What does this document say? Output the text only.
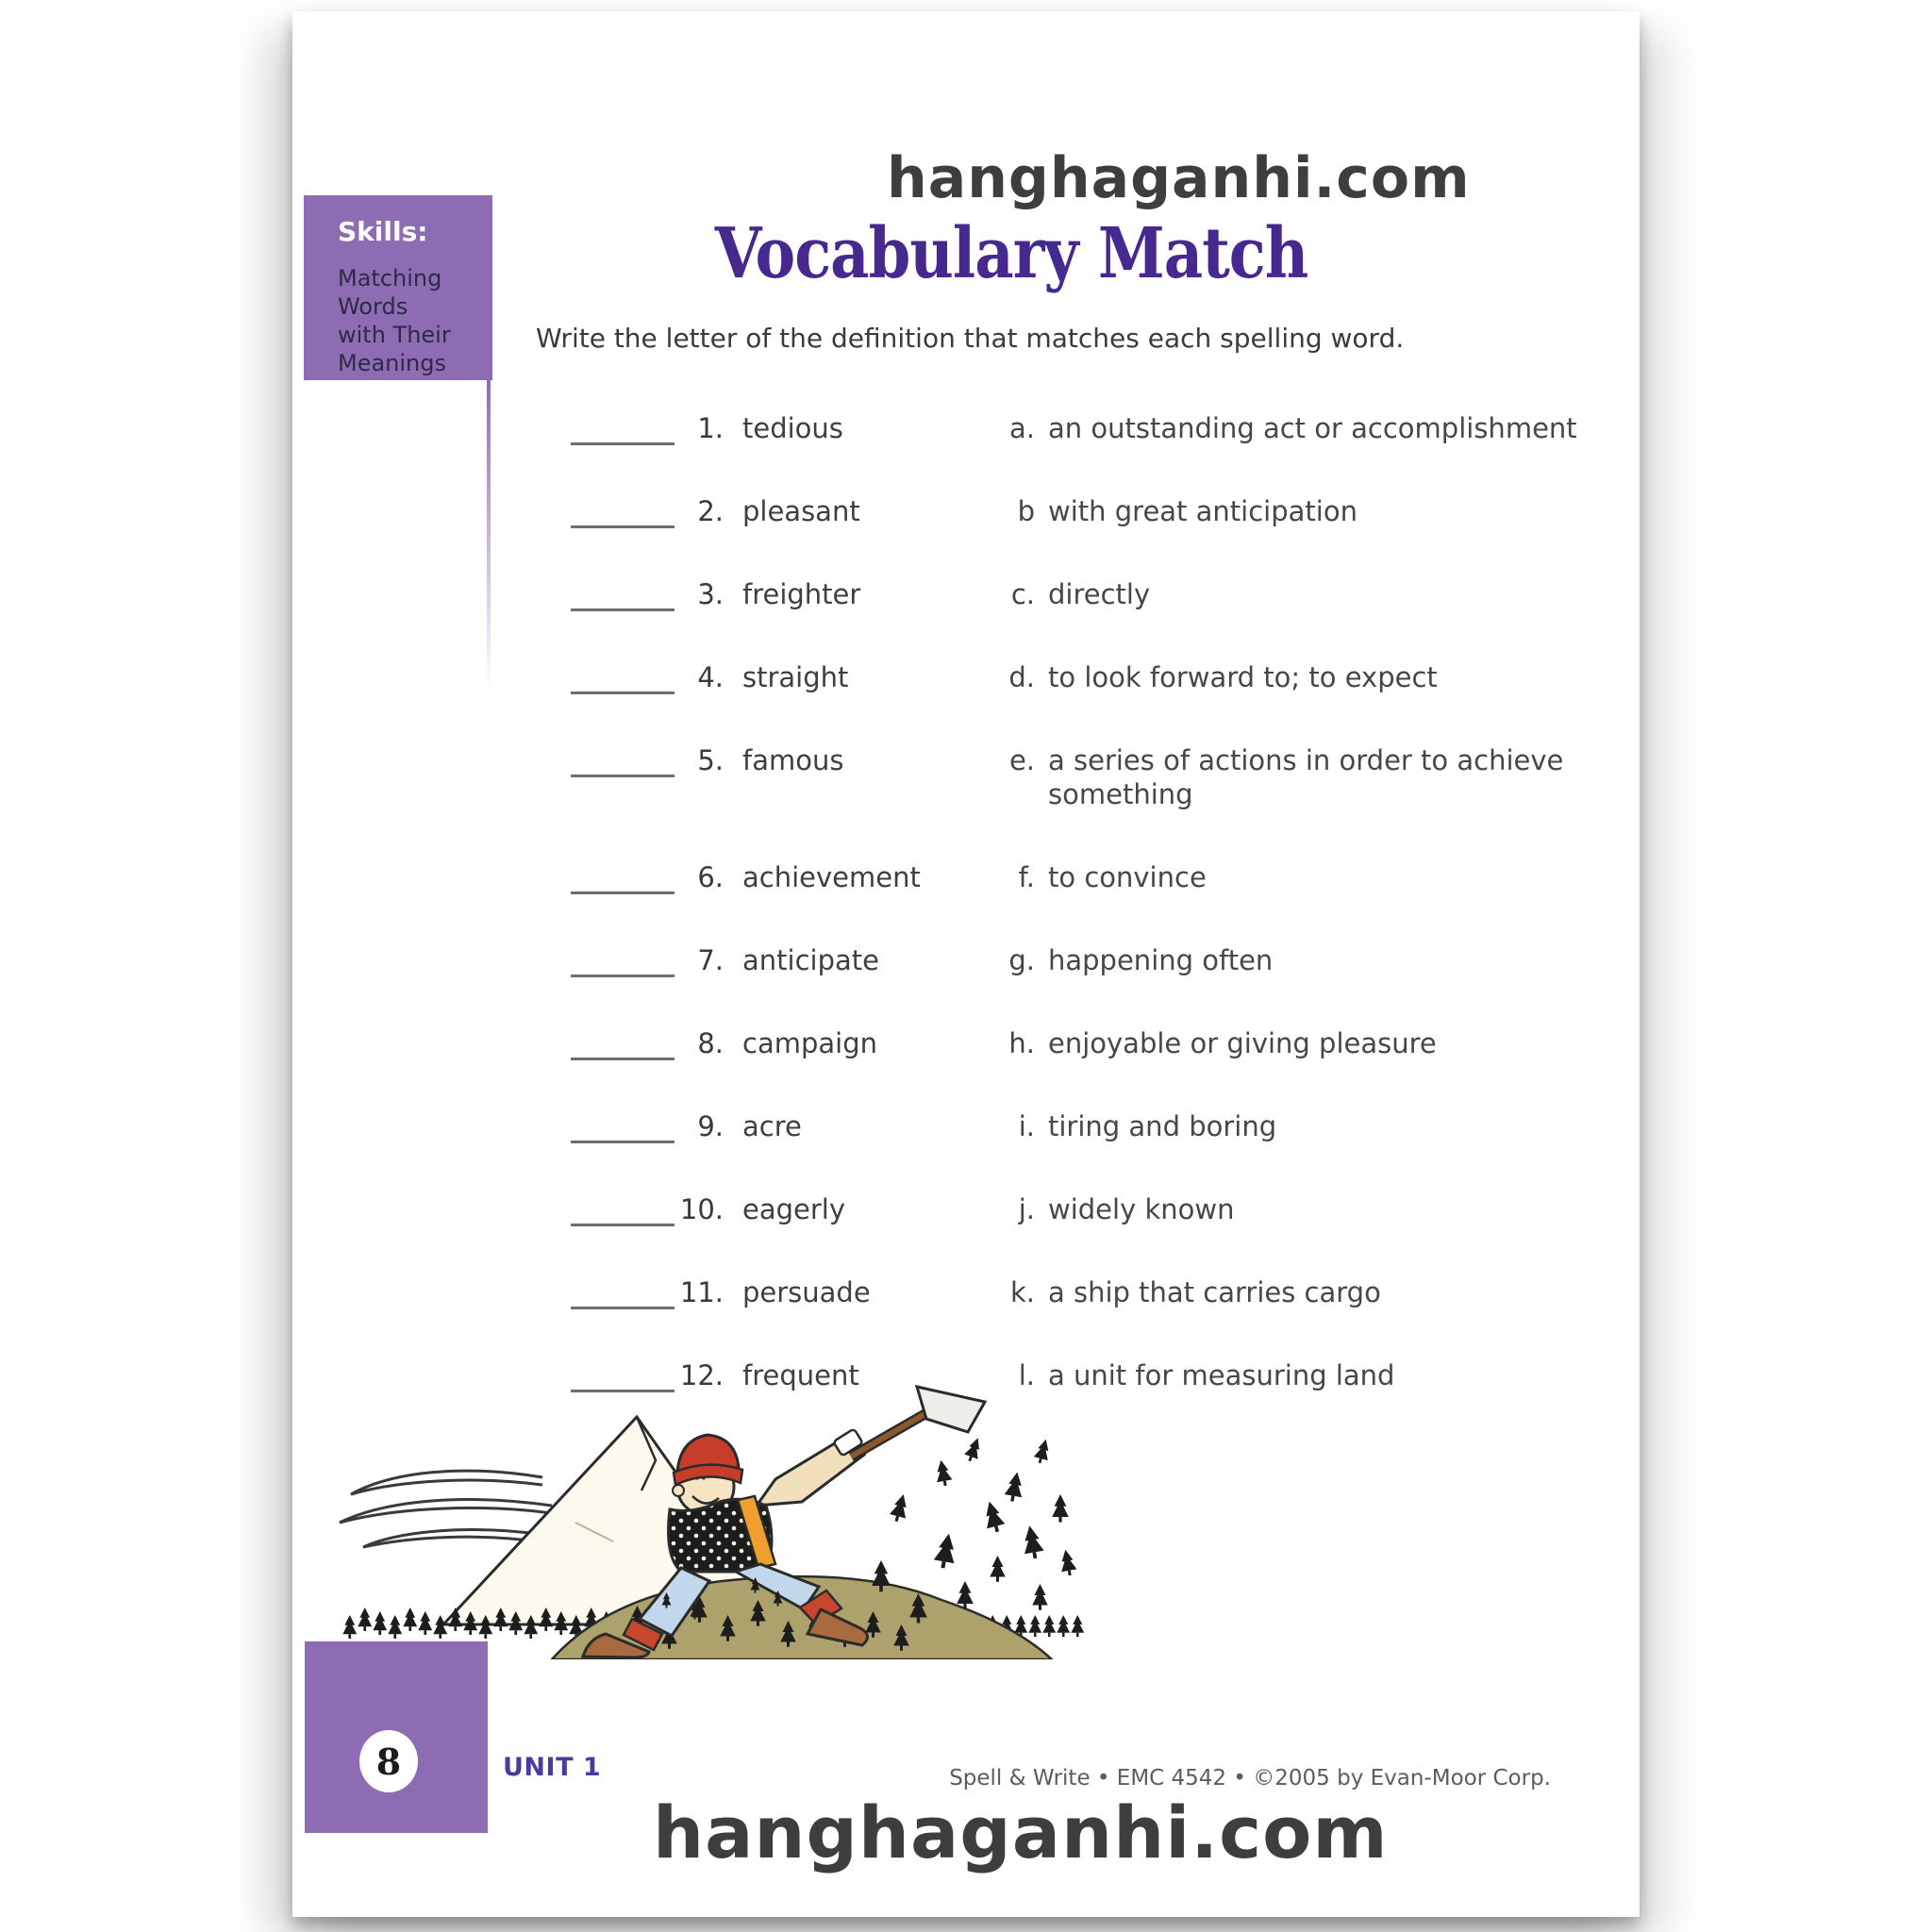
hanghaganhi.com
Skills:
Matching
Words
with Their
Meanings
Vocabulary Match
Write the letter of the definition that matches each spelling word.
1. tedious	a. an outstanding act or accomplishment
2. pleasant	b with great anticipation
3. freighter	c. directly
4. straight	d. to look forward to; to expect
5. famous	e. a series of actions in order to achieve something
6. achievement	f. to convince
7. anticipate	g. happening often
8. campaign	h. enjoyable or giving pleasure
9. acre	i. tiring and boring
10. eagerly	j. widely known
11. persuade	k. a ship that carries cargo
12. frequent	l. a unit for measuring land
8	UNIT 1	Spell & Write • EMC 4542 • ©2005 by Evan-Moor Corp.
hanghaganhi.com
